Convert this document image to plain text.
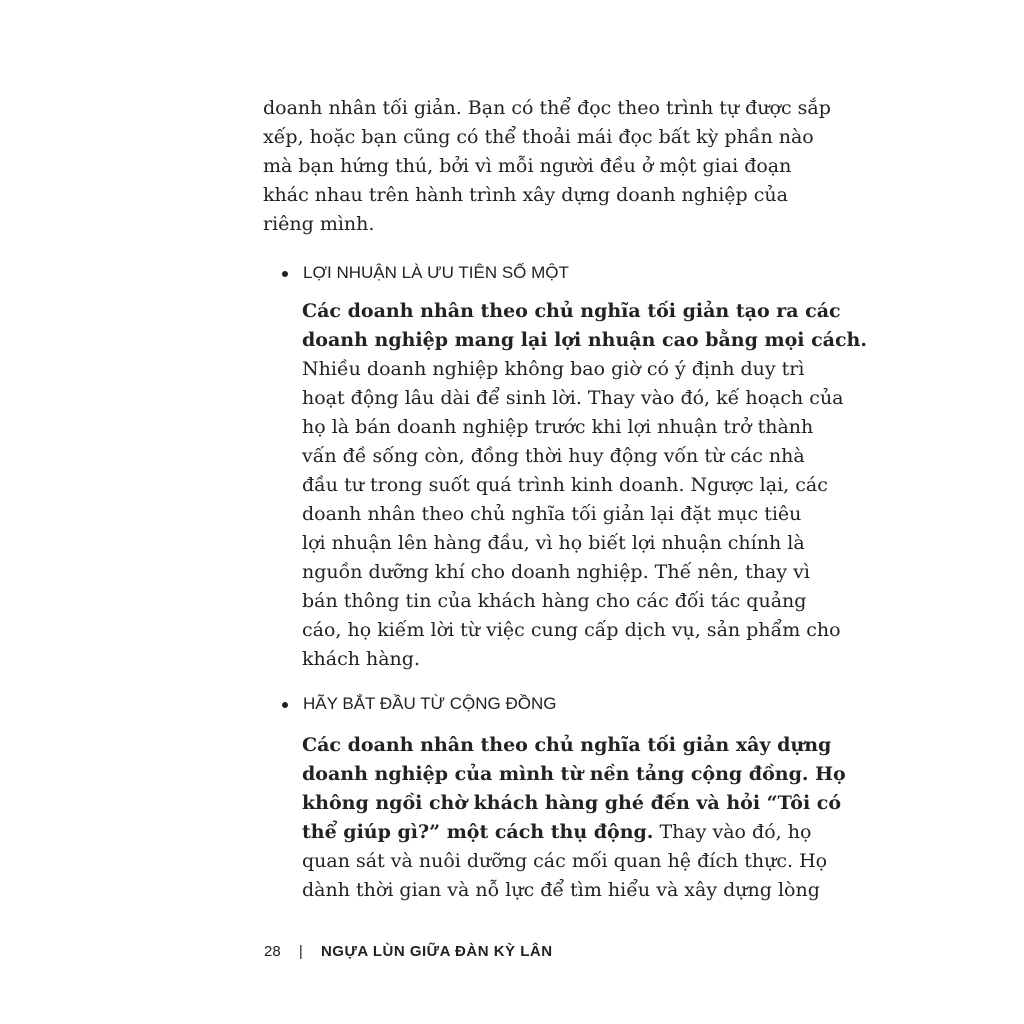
doanh nhân tối giản. Bạn có thể đọc theo trình tự được sắp
xếp, hoặc bạn cũng có thể thoải mái đọc bất kỳ phần nào
mà bạn hứng thú, bởi vì mỗi người đều ở một giai đoạn
khác nhau trên hành trình xây dựng doanh nghiệp của
riêng mình.
LỢI NHUẬN LÀ ƯU TIÊN SỐ MỘT
Các doanh nhân theo chủ nghĩa tối giản tạo ra các
doanh nghiệp mang lại lợi nhuận cao bằng mọi cách.
Nhiều doanh nghiệp không bao giờ có ý định duy trì
hoạt động lâu dài để sinh lời. Thay vào đó, kế hoạch của
họ là bán doanh nghiệp trước khi lợi nhuận trở thành
vấn đề sống còn, đồng thời huy động vốn từ các nhà
đầu tư trong suốt quá trình kinh doanh. Ngược lại, các
doanh nhân theo chủ nghĩa tối giản lại đặt mục tiêu
lợi nhuận lên hàng đầu, vì họ biết lợi nhuận chính là
nguồn dưỡng khí cho doanh nghiệp. Thế nên, thay vì
bán thông tin của khách hàng cho các đối tác quảng
cáo, họ kiếm lời từ việc cung cấp dịch vụ, sản phẩm cho
khách hàng.
HÃY BẮT ĐẦU TỪ CỘNG ĐỒNG
Các doanh nhân theo chủ nghĩa tối giản xây dựng
doanh nghiệp của mình từ nền tảng cộng đồng. Họ
không ngồi chờ khách hàng ghé đến và hỏi “Tôi có
thể giúp gì?” một cách thụ động. Thay vào đó, họ
quan sát và nuôi dưỡng các mối quan hệ đích thực. Họ
dành thời gian và nỗ lực để tìm hiểu và xây dựng lòng
28 | NGỰA LÙN GIỮA ĐÀN KỲ LÂN
